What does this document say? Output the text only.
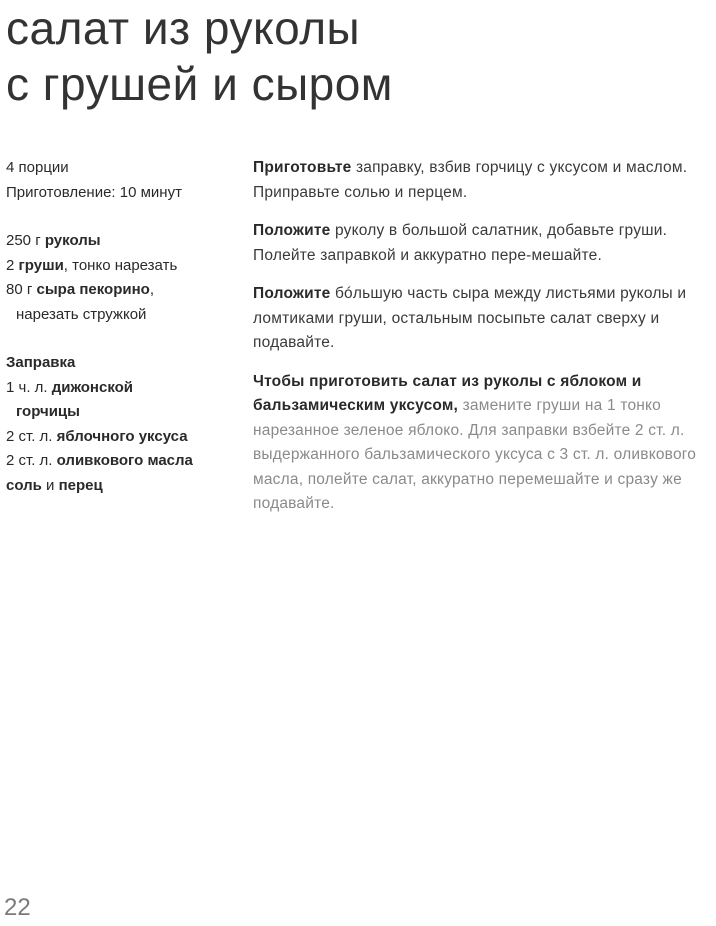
салат из руколы
с грушей и сыром

4 порции

Приготовление: 10 минут

250 г руколы

2 груши, тонко нарезать

80 г сыра пекорино,

нарезать стружкой

Заправка

1 ч. л. дижонской

горчицы

2 ст. л. яблочного уксуса

2 ст. л. оливкового масла

соль и перец

Приготовьте заправку, взбив горчицу с уксусом и маслом. Приправьте солью и перцем.

Положите руколу в большой салатник, добавьте груши. Полейте заправкой и аккуратно пере-мешайте.

Положите бóльшую часть сыра между листьями руколы и ломтиками груши, остальным посыпьте салат сверху и подавайте.

Чтобы приготовить салат из руколы с яблоком и бальзамическим уксусом, замените груши на 1 тонко нарезанное зеленое яблоко. Для заправки взбейте 2 ст. л. выдержанного бальзамического уксуса с 3 ст. л. оливкового масла, полейте салат, аккуратно перемешайте и сразу же подавайте.

22
